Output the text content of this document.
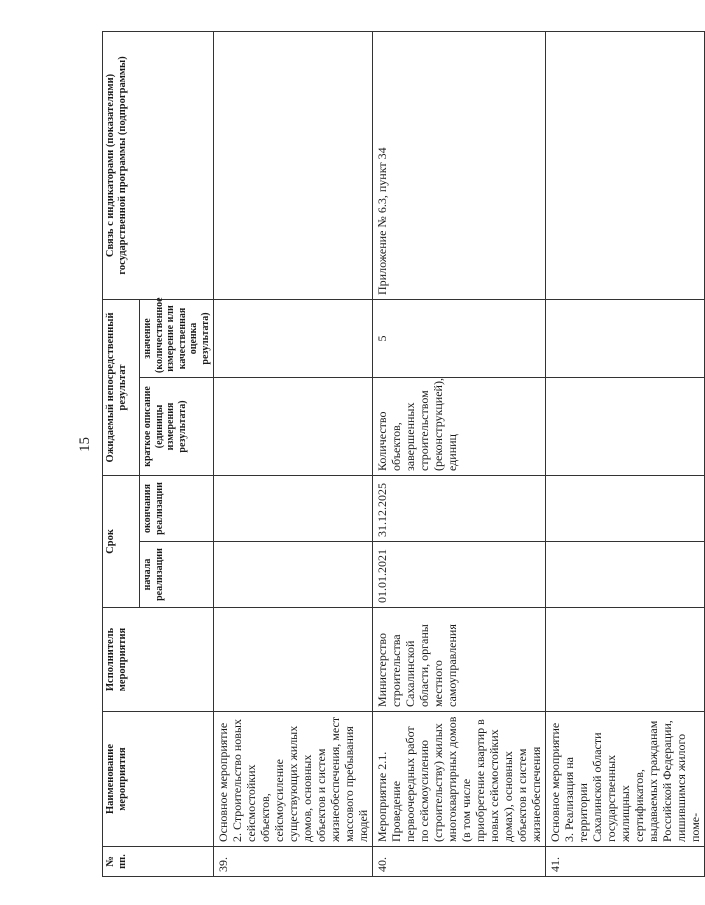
15
№ пп.	Наименование мероприятия	Исполнитель мероприятия	Срок		Ожидаемый непосредственный результат		Связь с индикаторами (показателями) государственной программы (подпрограммы)
			начала реализации	окончания реализации	краткое описание (единицы измерения результата)	значение (количественное измерение или качественная оценка результата)	
39.	Основное мероприятие 2. Строительство новых сейсмостойких объектов, сейсмоусиление существующих жилых домов, основных объектов и систем жизнеобеспечения, мест массового пребывания людей						
40.	Мероприятие 2.1. Проведение первоочередных работ по сейсмоусилению (строительству) жилых многоквартирных домов (в том числе приобретение квартир в новых сейсмостойких домах), основных объектов и систем жизнеобеспечения	Министерство строительства Сахалинской области, органы местного самоуправления	01.01.2021	31.12.2025	Количество объектов, завершенных строительством (реконструкцией), единиц	5	Приложение № 6.3, пункт 34
41.	Основное мероприятие 3. Реализация на территории Сахалинской области государственных жилищных сертификатов, выдаваемых гражданам Российской Федерации, лишившимся жилого поме-						
